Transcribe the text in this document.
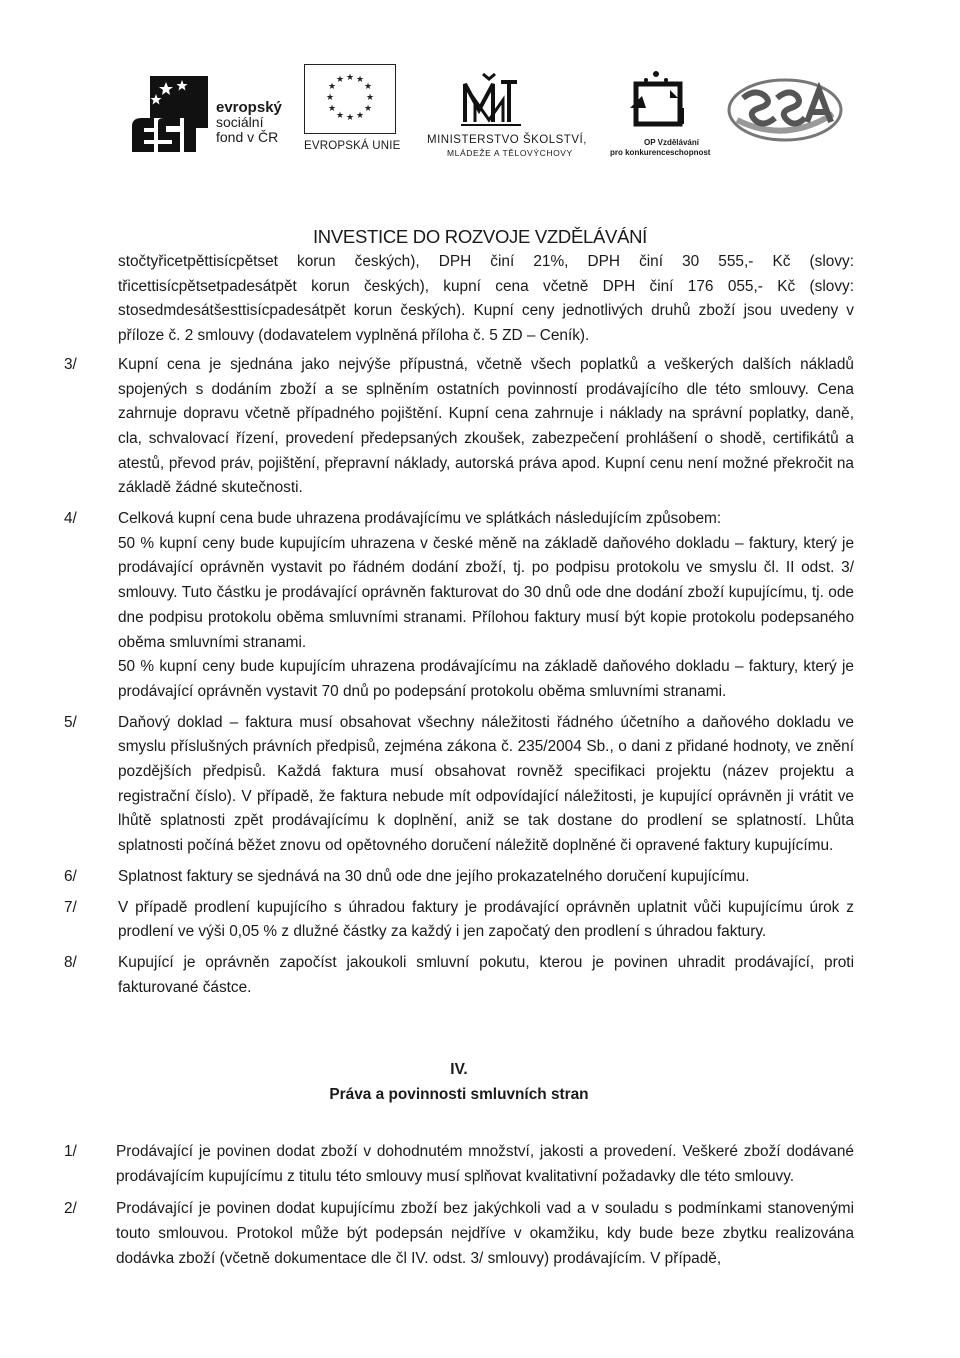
evropský
sociální
fond v ČR
★ ★
★
★
★
★
★
★
★
★
★
★
EVROPSKÁ UNIE MINISTERSTVO ŠKOLSTVÍ,
MLÁDEŽE A TĚLOVÝCHOVY
OP Vzdělávání
pro konkurenceschopnost
INVESTICE DO ROZVOJE VZDĚLÁVÁNÍ
stočtyřicetpěttisícpětset korun českých), DPH činí 21%, DPH činí 30 555,- Kč (slovy: třicettisícpětsetpadesátpět korun českých), kupní cena včetně DPH činí 176 055,- Kč (slovy: stosedmdesátšesttisícpadesátpět korun českých). Kupní ceny jednotlivých druhů zboží jsou uvedeny v příloze č. 2 smlouvy (dodavatelem vyplněná příloha č. 5 ZD – Ceník).
3/	Kupní cena je sjednána jako nejvýše přípustná, včetně všech poplatků a veškerých dalších nákladů spojených s dodáním zboží a se splněním ostatních povinností prodávajícího dle této smlouvy. Cena zahrnuje dopravu včetně případného pojištění. Kupní cena zahrnuje i náklady na správní poplatky, daně, cla, schvalovací řízení, provedení předepsaných zkoušek, zabezpečení prohlášení o shodě, certifikátů a atestů, převod práv, pojištění, přepravní náklady, autorská práva apod. Kupní cenu není možné překročit na základě žádné skutečnosti.

4/	Celková kupní cena bude uhrazena prodávajícímu ve splátkách následujícím způsobem:

50 % kupní ceny bude kupujícím uhrazena v české měně na základě daňového dokladu – faktury, který je prodávající oprávněn vystavit po řádném dodání zboží, tj. po podpisu protokolu ve smyslu čl. II odst. 3/ smlouvy. Tuto částku je prodávající oprávněn fakturovat do 30 dnů ode dne dodání zboží kupujícímu, tj. ode dne podpisu protokolu oběma smluvními stranami. Přílohou faktury musí být kopie protokolu podepsaného oběma smluvními stranami.

50 % kupní ceny bude kupujícím uhrazena prodávajícímu na základě daňového dokladu – faktury, který je prodávající oprávněn vystavit 70 dnů po podepsání protokolu oběma smluvními stranami.

5/	Daňový doklad – faktura musí obsahovat všechny náležitosti řádného účetního a daňového dokladu ve smyslu příslušných právních předpisů, zejména zákona č. 235/2004 Sb., o dani z přidané hodnoty, ve znění pozdějších předpisů. Každá faktura musí obsahovat rovněž specifikaci projektu (název projektu a registrační číslo). V případě, že faktura nebude mít odpovídající náležitosti, je kupující oprávněn ji vrátit ve lhůtě splatnosti zpět prodávajícímu k doplnění, aniž se tak dostane do prodlení se splatností. Lhůta splatnosti počíná běžet znovu od opětovného doručení náležitě doplněné či opravené faktury kupujícímu.

6/	Splatnost faktury se sjednává na 30 dnů ode dne jejího prokazatelného doručení kupujícímu.

7/	V případě prodlení kupujícího s úhradou faktury je prodávající oprávněn uplatnit vůči kupujícímu úrok z prodlení ve výši 0,05 % z dlužné částky za každý i jen započatý den prodlení s úhradou faktury.

8/	Kupující je oprávněn započíst jakoukoli smluvní pokutu, kterou je povinen uhradit prodávající, proti fakturované částce.

IV.
Práva a povinnosti smluvních stran
1/	Prodávající je povinen dodat zboží v dohodnutém množství, jakosti a provedení. Veškeré zboží dodávané prodávajícím kupujícímu z titulu této smlouvy musí splňovat kvalitativní požadavky dle této smlouvy.

2/	Prodávající je povinen dodat kupujícímu zboží bez jakýchkoli vad a v souladu s podmínkami stanovenými touto smlouvou. Protokol může být podepsán nejdříve v okamžiku, kdy bude beze zbytku realizována dodávka zboží (včetně dokumentace dle čl IV. odst. 3/ smlouvy) prodávajícím. V případě,
